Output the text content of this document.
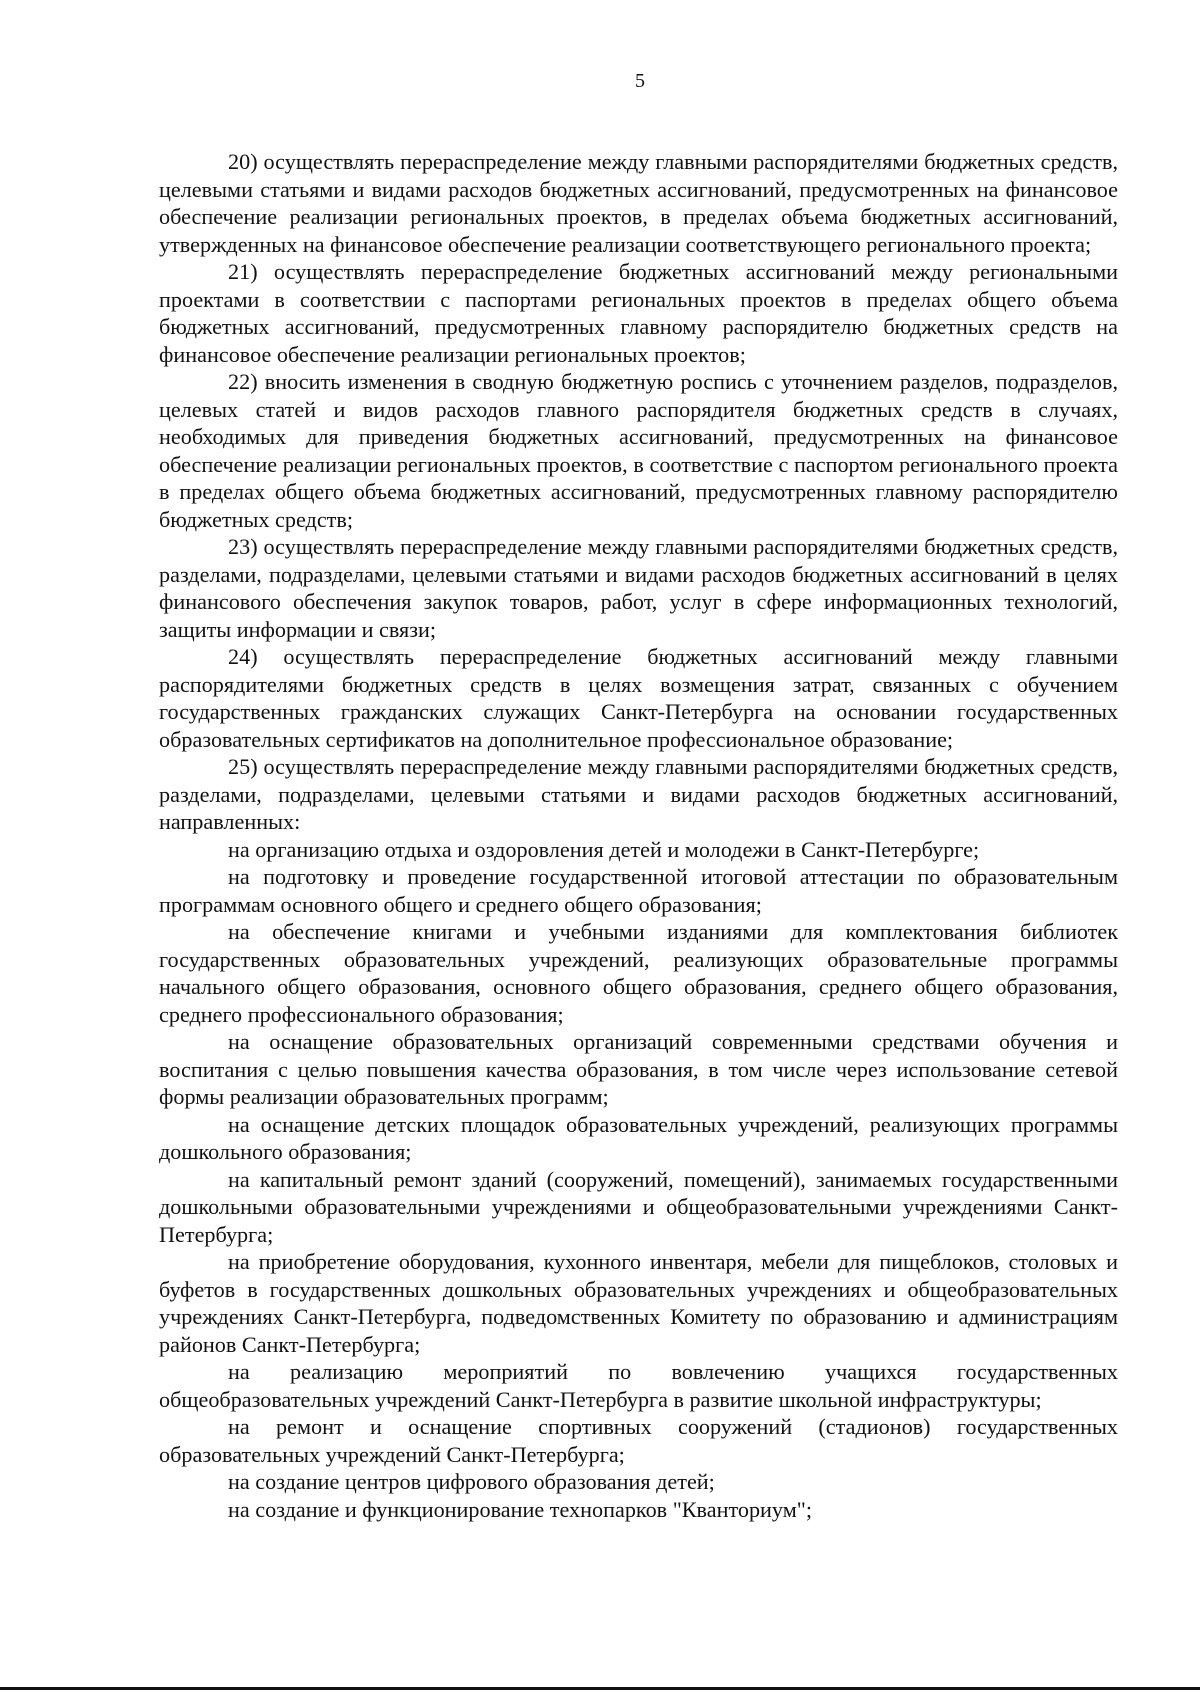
5

20) осуществлять перераспределение между главными распорядителями бюджетных средств, целевыми статьями и видами расходов бюджетных ассигнований, предусмотренных на финансовое обеспечение реализации региональных проектов, в пределах объема бюджетных ассигнований, утвержденных на финансовое обеспечение реализации соответствующего регионального проекта;

21) осуществлять перераспределение бюджетных ассигнований между региональными проектами в соответствии с паспортами региональных проектов в пределах общего объема бюджетных ассигнований, предусмотренных главному распорядителю бюджетных средств на финансовое обеспечение реализации региональных проектов;

22) вносить изменения в сводную бюджетную роспись с уточнением разделов, подразделов, целевых статей и видов расходов главного распорядителя бюджетных средств в случаях, необходимых для приведения бюджетных ассигнований, предусмотренных на финансовое обеспечение реализации региональных проектов, в соответствие с паспортом регионального проекта в пределах общего объема бюджетных ассигнований, предусмотренных главному распорядителю бюджетных средств;

23) осуществлять перераспределение между главными распорядителями бюджетных средств, разделами, подразделами, целевыми статьями и видами расходов бюджетных ассигнований в целях финансового обеспечения закупок товаров, работ, услуг в сфере информационных технологий, защиты информации и связи;

24) осуществлять перераспределение бюджетных ассигнований между главными распорядителями бюджетных средств в целях возмещения затрат, связанных с обучением государственных гражданских служащих Санкт-Петербурга на основании государственных образовательных сертификатов на дополнительное профессиональное образование;

25) осуществлять перераспределение между главными распорядителями бюджетных средств, разделами, подразделами, целевыми статьями и видами расходов бюджетных ассигнований, направленных:

на организацию отдыха и оздоровления детей и молодежи в Санкт-Петербурге;

на подготовку и проведение государственной итоговой аттестации по образовательным программам основного общего и среднего общего образования;

на обеспечение книгами и учебными изданиями для комплектования библиотек государственных образовательных учреждений, реализующих образовательные программы начального общего образования, основного общего образования, среднего общего образования, среднего профессионального образования;

на оснащение образовательных организаций современными средствами обучения и воспитания с целью повышения качества образования, в том числе через использование сетевой формы реализации образовательных программ;

на оснащение детских площадок образовательных учреждений, реализующих программы дошкольного образования;

на капитальный ремонт зданий (сооружений, помещений), занимаемых государственными дошкольными образовательными учреждениями и общеобразовательными учреждениями Санкт-Петербурга;

на приобретение оборудования, кухонного инвентаря, мебели для пищеблоков, столовых и буфетов в государственных дошкольных образовательных учреждениях и общеобразовательных учреждениях Санкт-Петербурга, подведомственных Комитету по образованию и администрациям районов Санкт-Петербурга;

на реализацию мероприятий по вовлечению учащихся государственных общеобразовательных учреждений Санкт-Петербурга в развитие школьной инфраструктуры;

на ремонт и оснащение спортивных сооружений (стадионов) государственных образовательных учреждений Санкт-Петербурга;

на создание центров цифрового образования детей;

на создание и функционирование технопарков "Кванториум";
